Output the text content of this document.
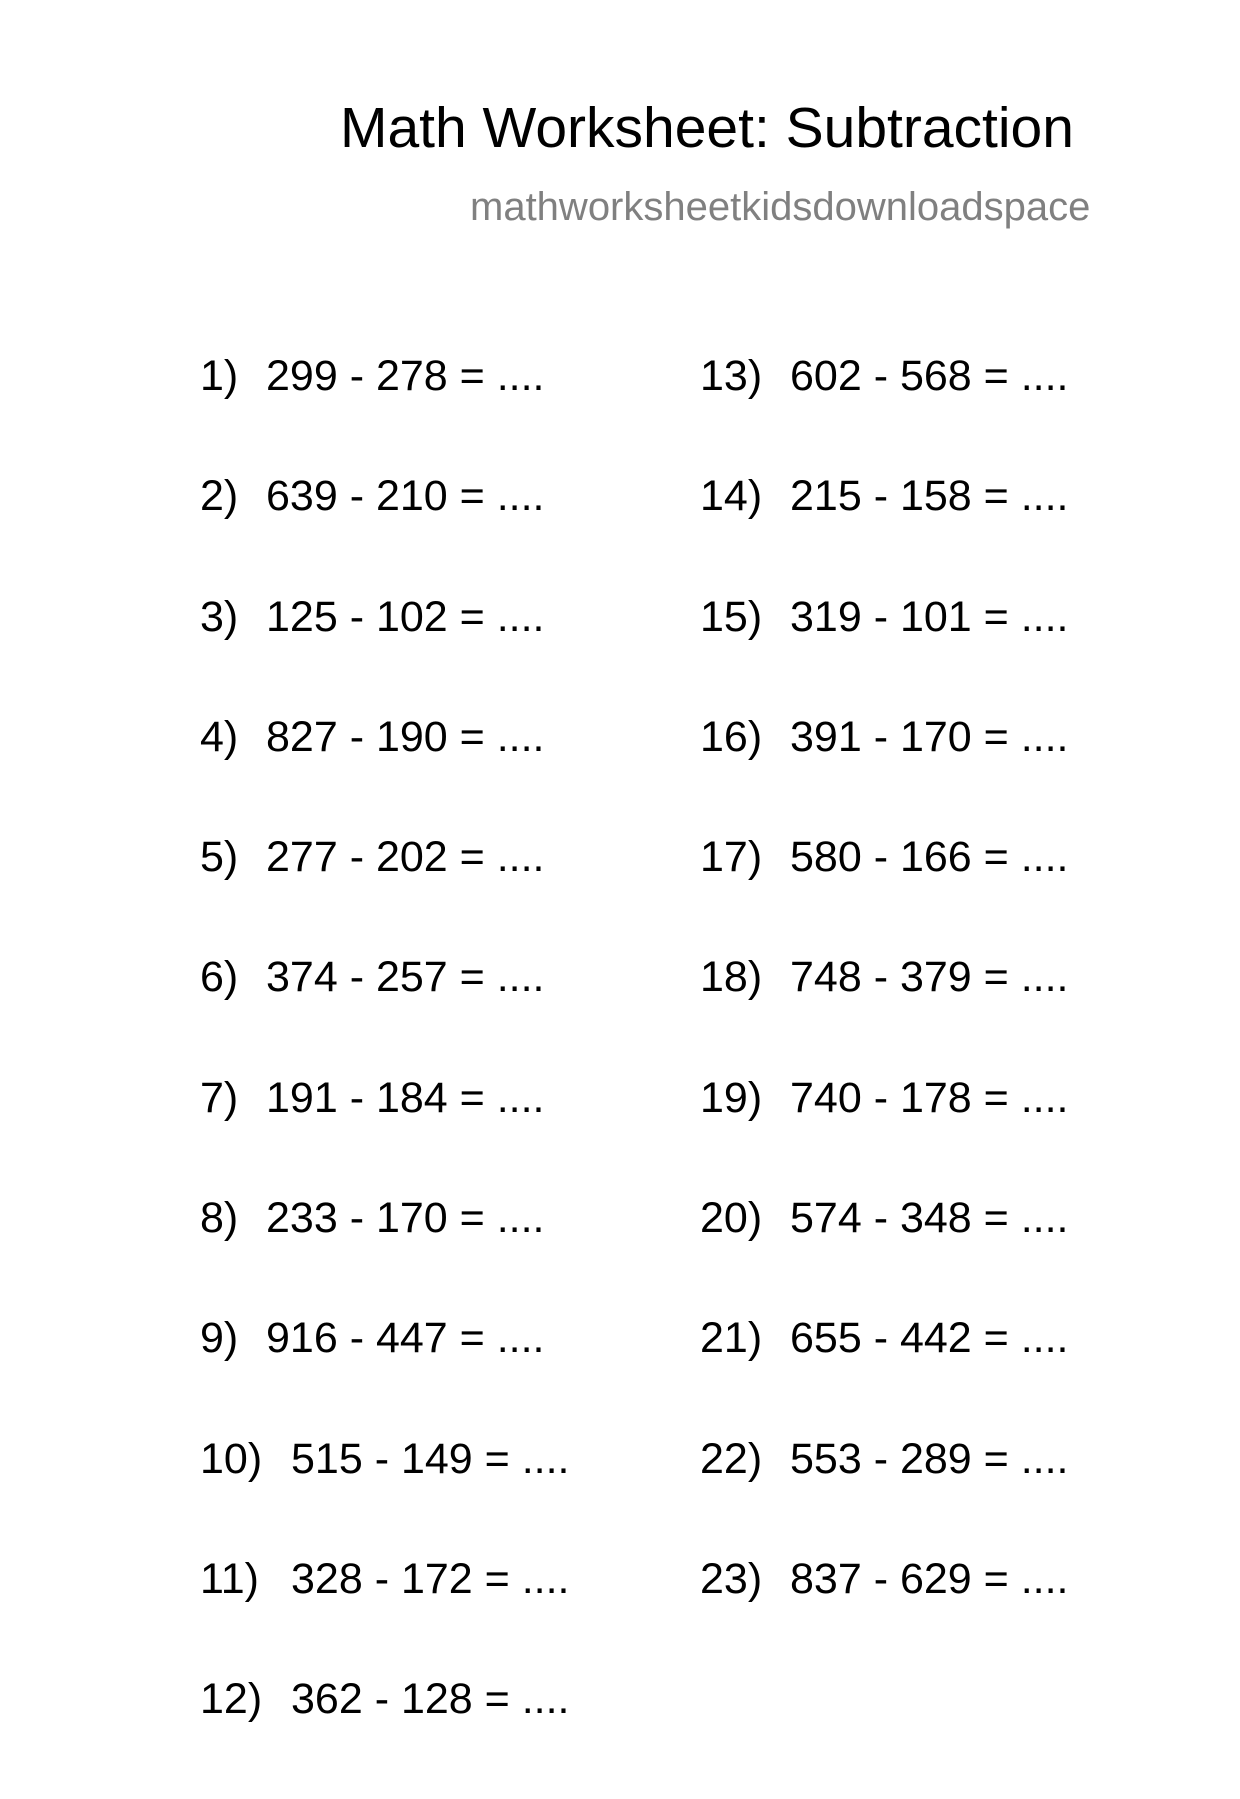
Math Worksheet: Subtraction
mathworksheetkidsdownloadspace
1) 299 - 278 = ....
2) 639 - 210 = ....
3) 125 - 102 = ....
4) 827 - 190 = ....
5) 277 - 202 = ....
6) 374 - 257 = ....
7) 191 - 184 = ....
8) 233 - 170 = ....
9) 916 - 447 = ....
10) 515 - 149 = ....
11) 328 - 172 = ....
12) 362 - 128 = ....
13) 602 - 568 = ....
14) 215 - 158 = ....
15) 319 - 101 = ....
16) 391 - 170 = ....
17) 580 - 166 = ....
18) 748 - 379 = ....
19) 740 - 178 = ....
20) 574 - 348 = ....
21) 655 - 442 = ....
22) 553 - 289 = ....
23) 837 - 629 = ....
